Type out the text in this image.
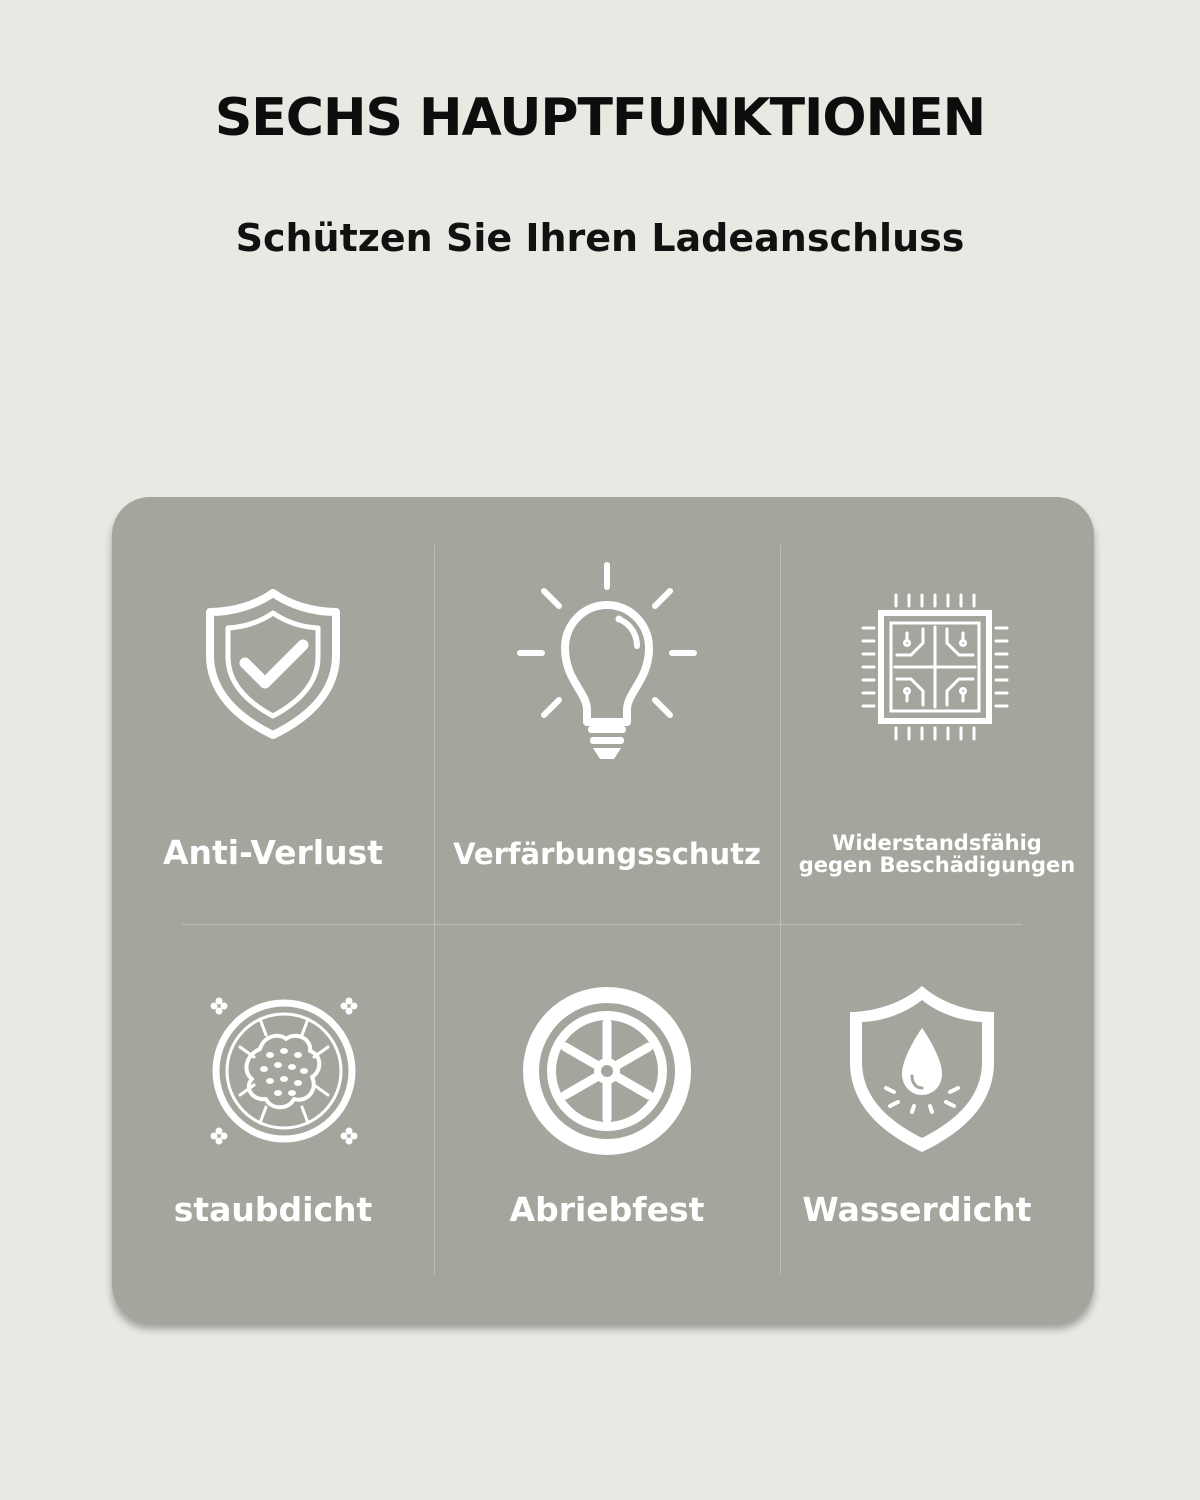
SECHS HAUPTFUNKTIONEN
Schützen Sie Ihren Ladeanschluss
Anti-Verlust	Verfärbungsschutz	Widerstandsfähig
gegen Beschädigungen
staubdicht	Abriebfest	Wasserdicht
